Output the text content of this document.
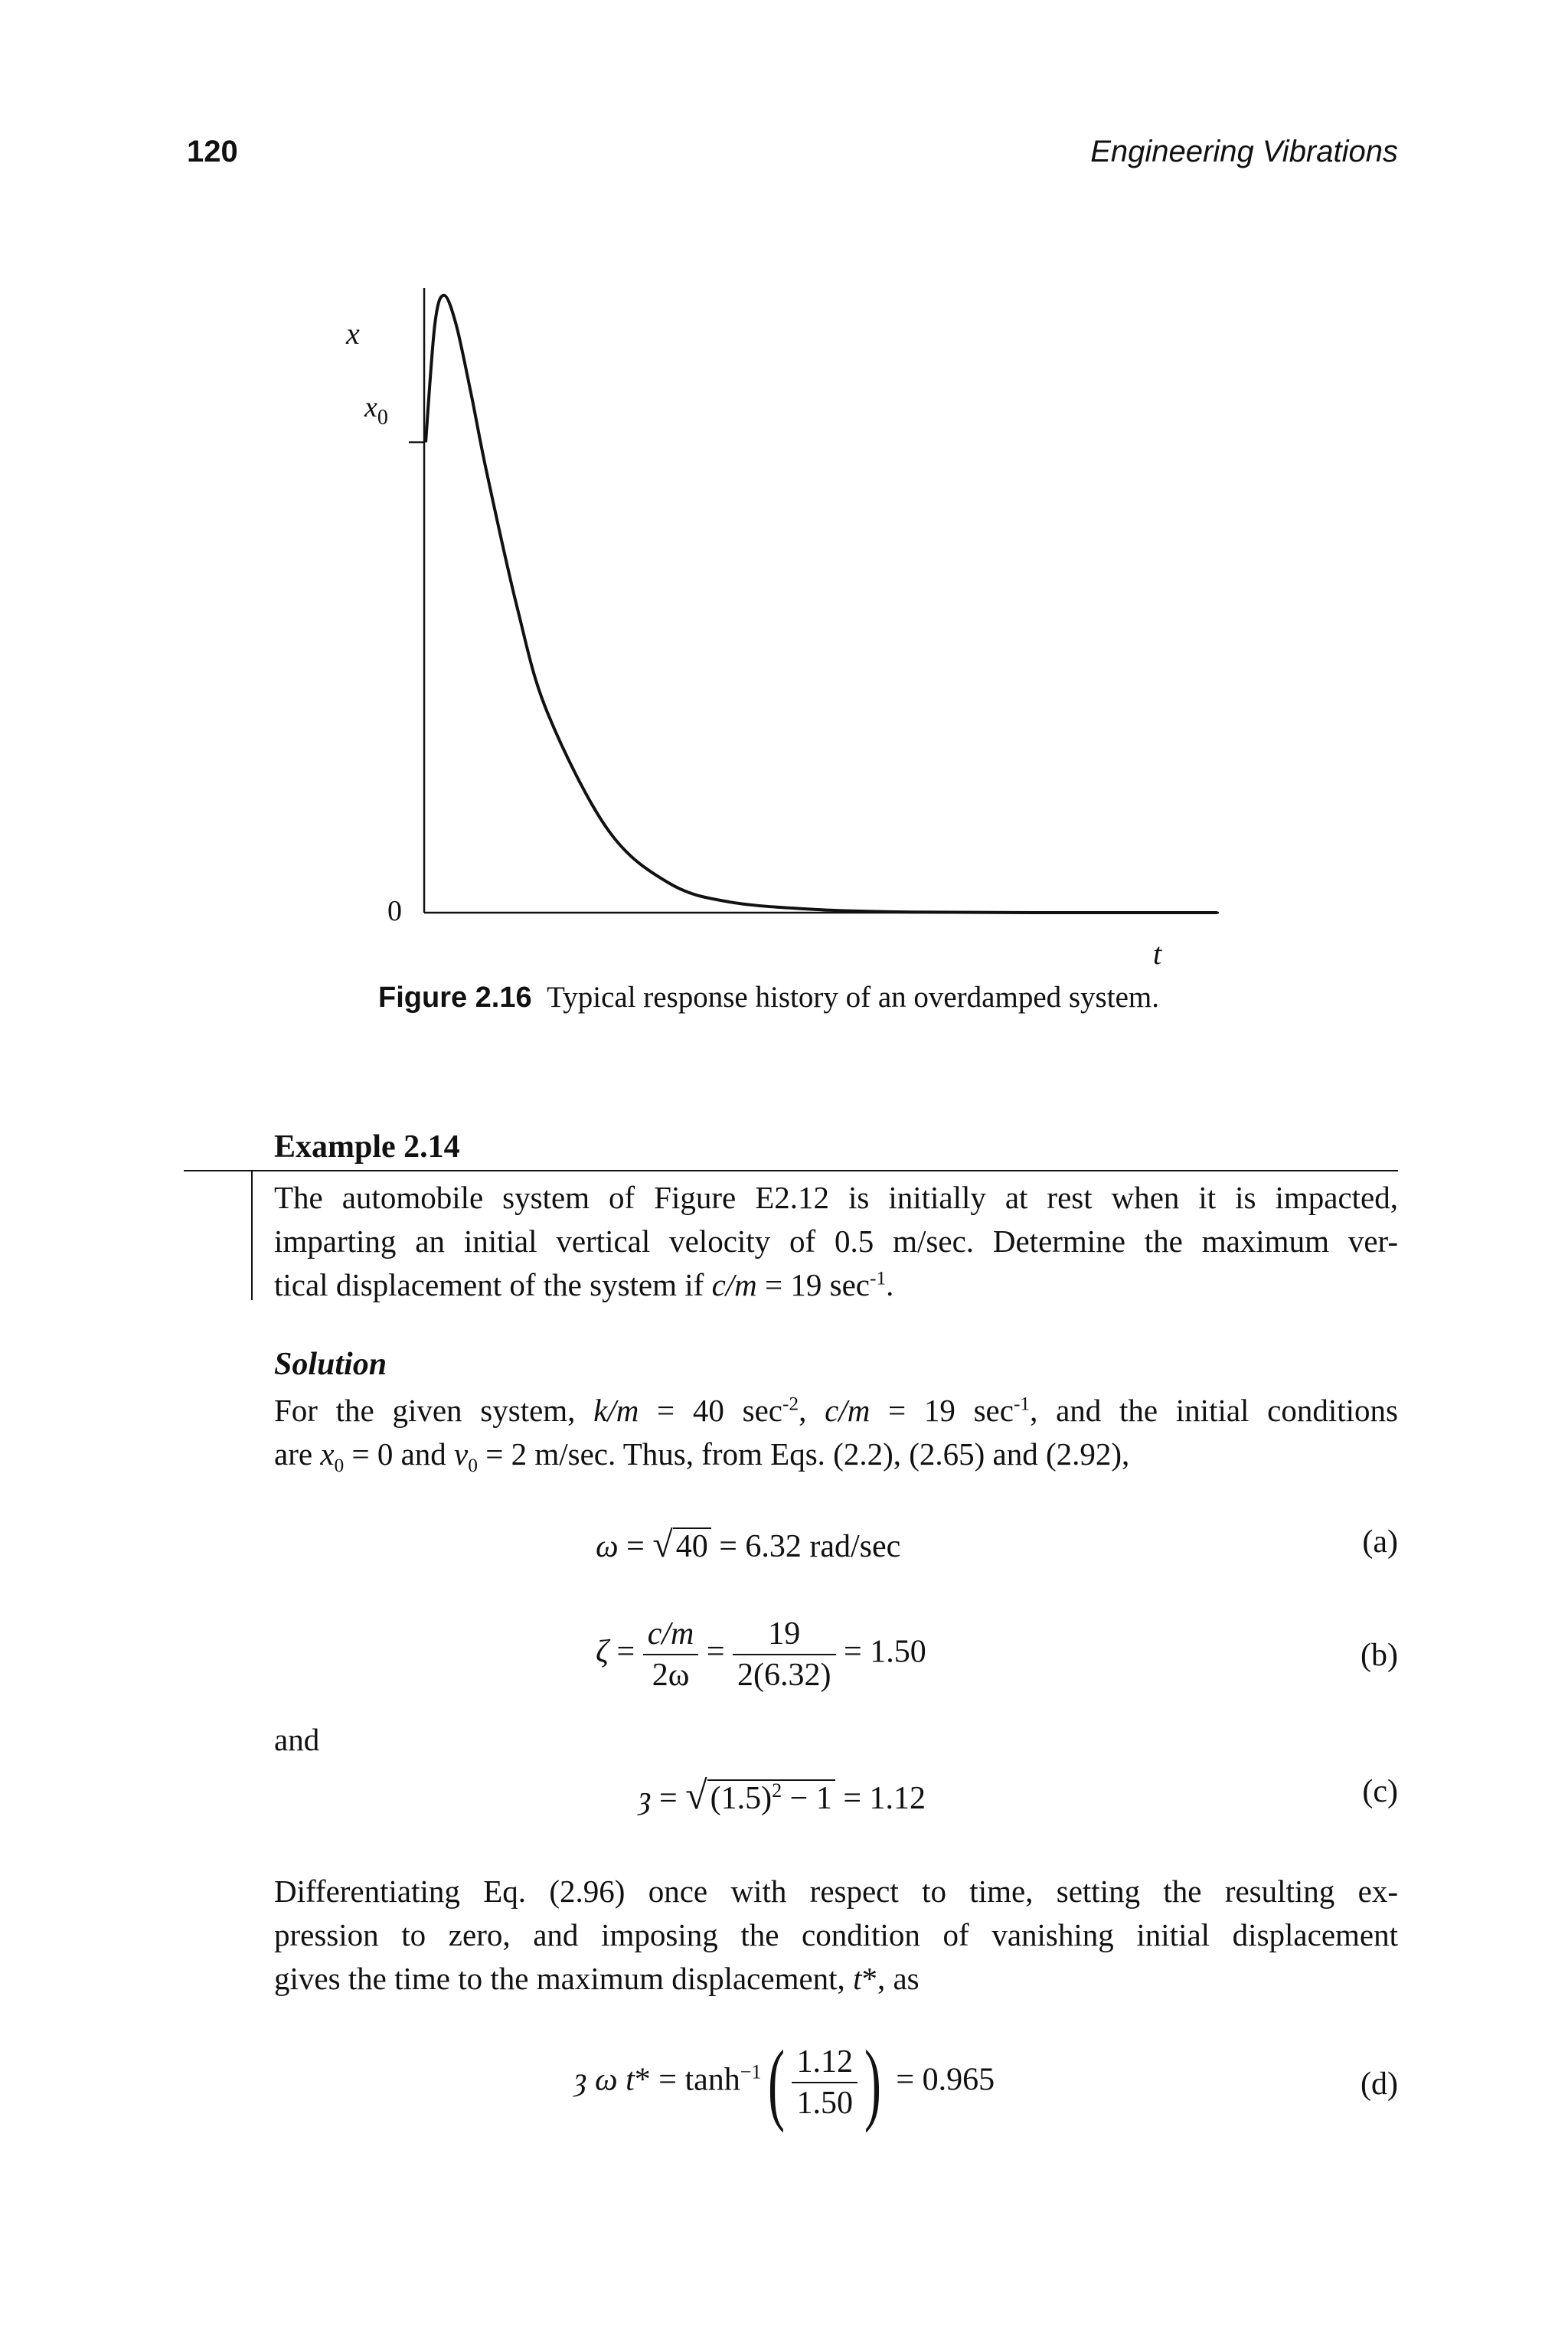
120	Engineering Vibrations
x
$x_0$
0
t
Figure 2.16 Typical response history of an overdamped system.
Example 2.14
The automobile system of Figure E2.12 is initially at rest when it is impacted,
imparting an initial vertical velocity of 0.5 m/sec. Determine the maximum ver-
tical displacement of the system if c/m = 19 $\sec^{-1}$.
Solution
For the given system, k/m = 40 $\sec^{-2}$, c/m = 19 $\sec^{-1}$, and the initial conditions
are $x_0 = 0$ and $v_0 = 2$ m/sec. Thus, from Eqs. (2.2), (2.65) and (2.92),
ω = √40 = 6.32 rad/sec	(a)
$\zeta = \frac{c/m}{2\omega} = \frac{19}{2(6.32)} = 1.50$	(b)
and
ȝ = $√(1.5)^2 - 1 = 1.12$	(c)
Differentiating Eq. (2.96) once with respect to time, setting the resulting ex-
pression to zero, and imposing the condition of vanishing initial displacement
gives the time to the maximum displacement, t*, as
ȝ ω $t* = \tanh^{-1}( \frac{1.12}{1.50}$ ) = 0.965	(d)
